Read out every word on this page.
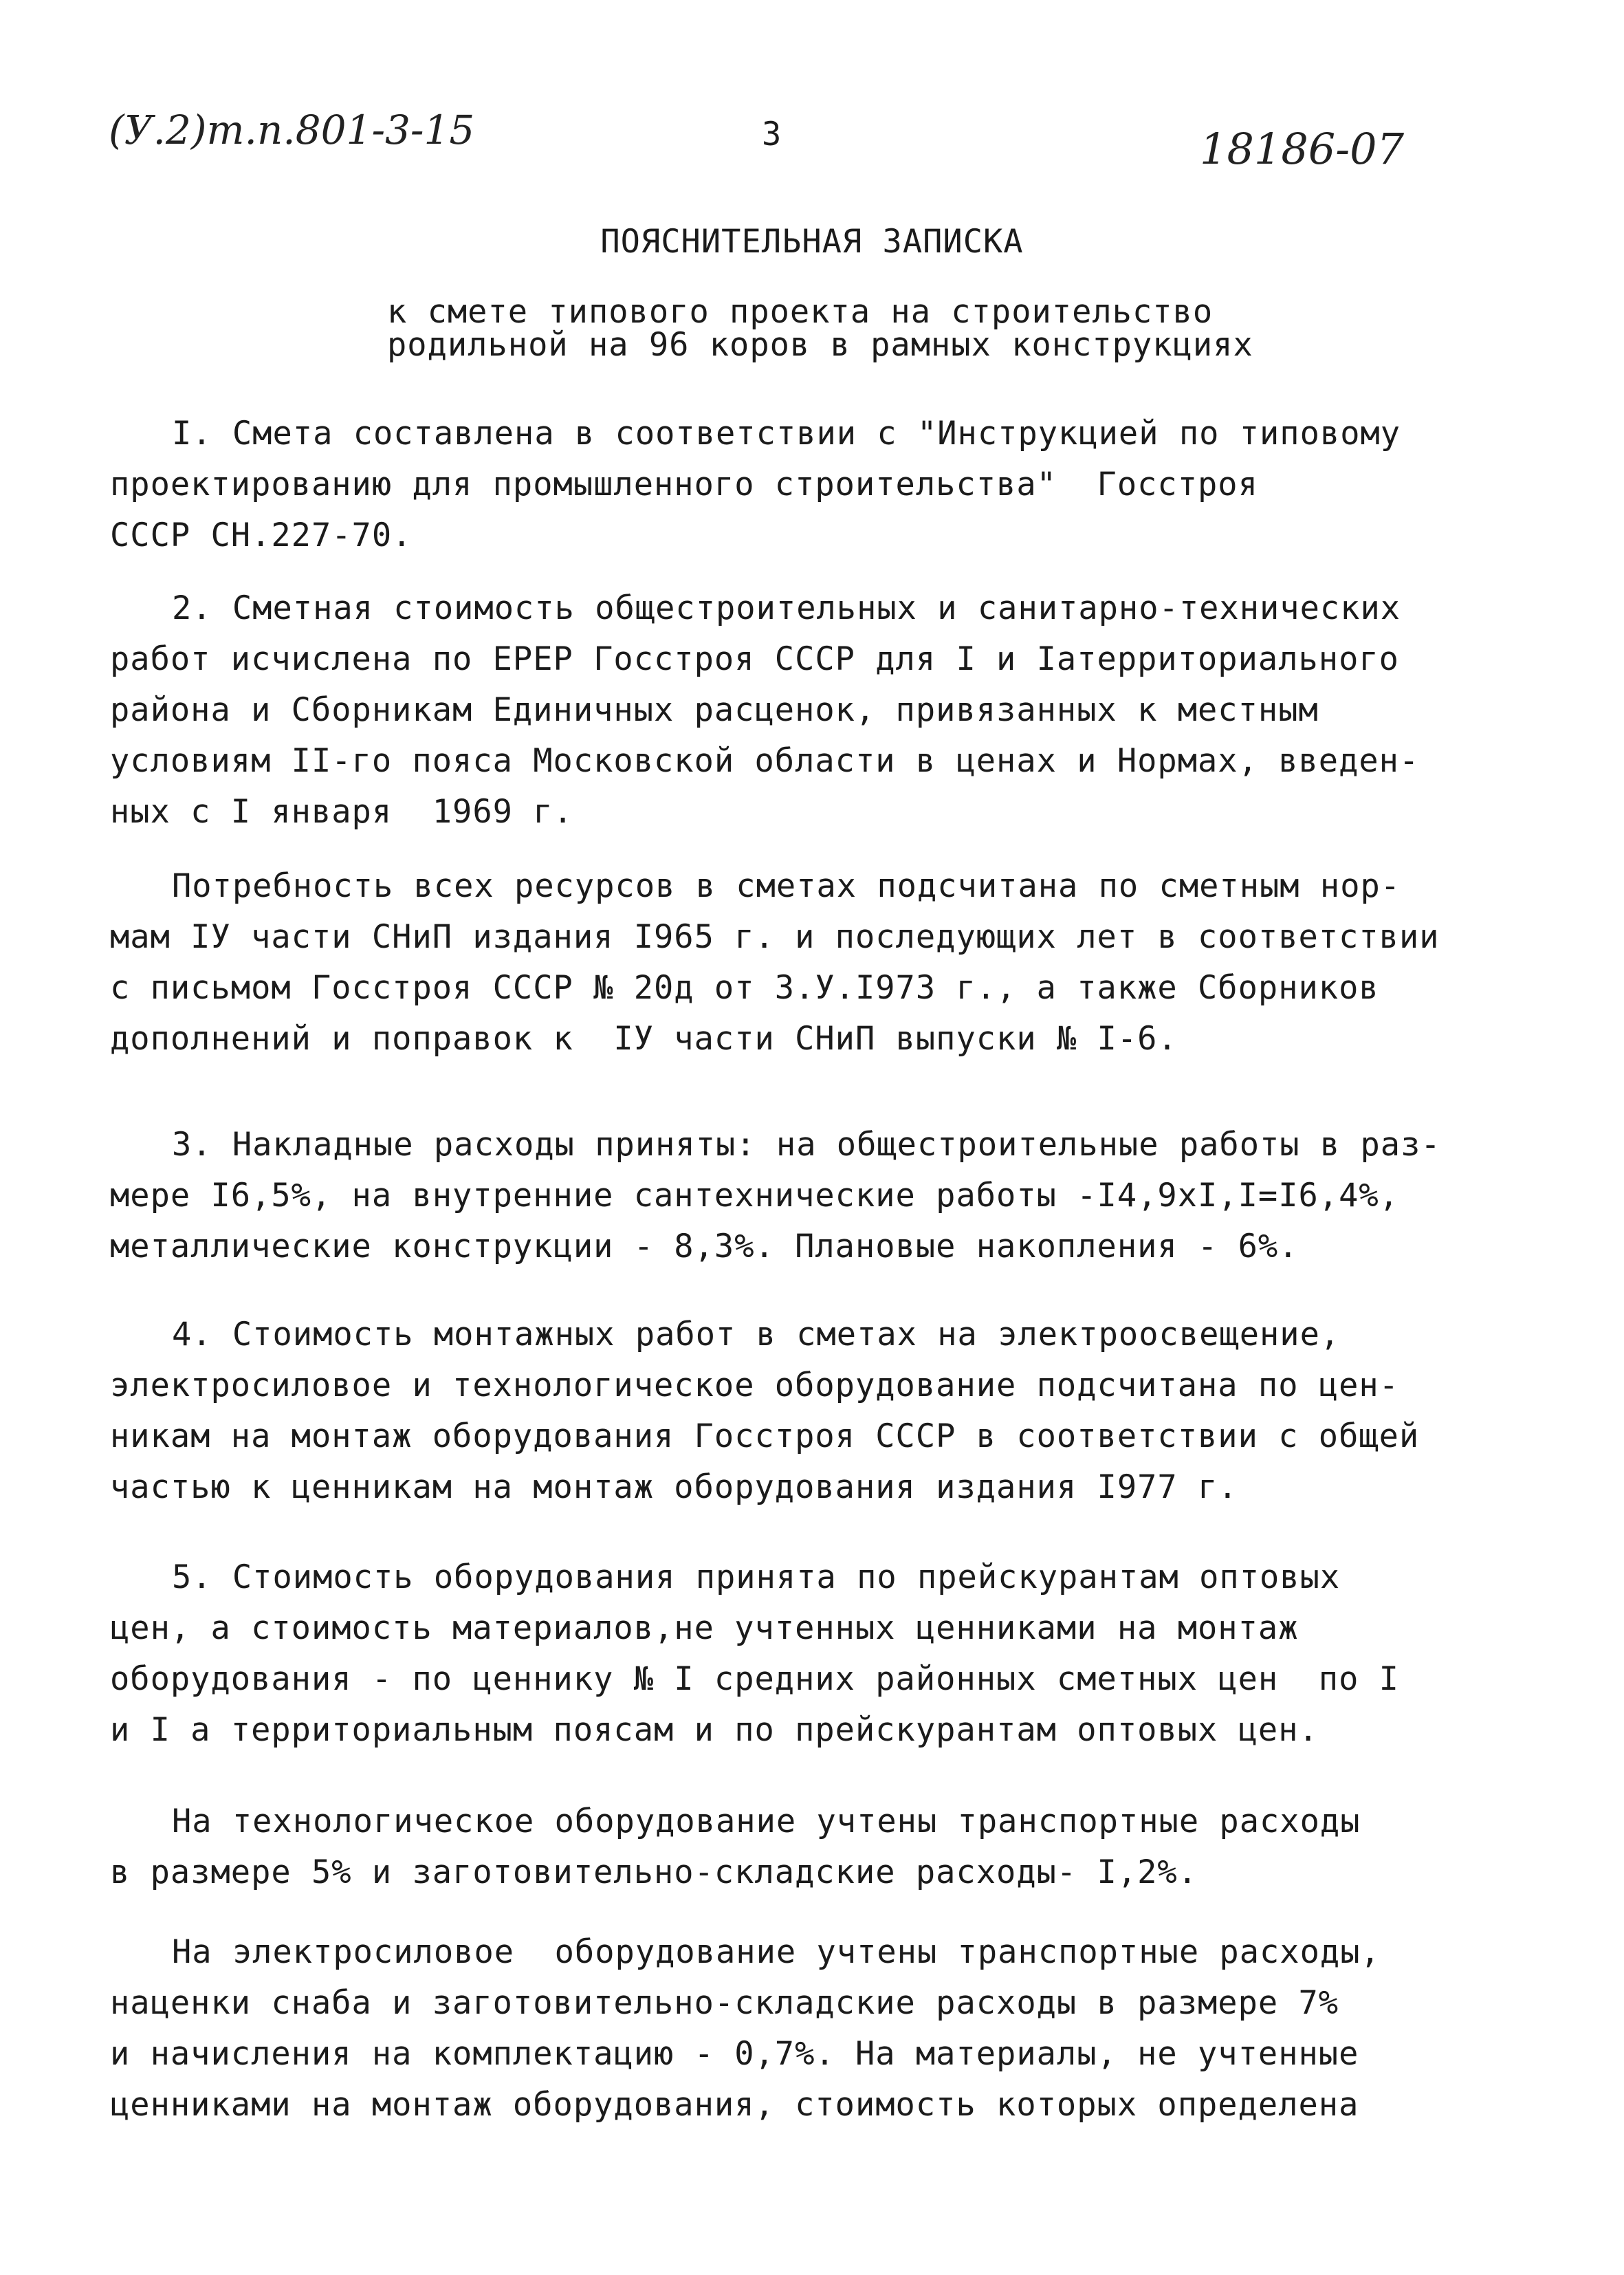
(У.2)т.п.801-3-15	3	18186-07
ПОЯСНИТЕЛЬНАЯ ЗАПИСКА
к смете типового проекта на строительство
родильной на 96 коров в рамных конструкциях
I. Смета составлена в соответствии с "Инструкцией по типовому
проектированию для промышленного строительства"  Госстроя
СССР СН.227-70.
2. Сметная стоимость общестроительных и санитарно-технических
работ исчислена по ЕРЕР Госстроя СССР для I и Iатерриториального
района и Сборникам Единичных расценок, привязанных к местным
условиям II-го пояса Московской области в ценах и Нормах, введен-
ных с I января  1969 г.
Потребность всех ресурсов в сметах подсчитана по сметным нор-
мам IУ части СНиП издания I965 г. и последующих лет в соответствии
с письмом Госстроя СССР № 20д от 3.У.I973 г., а также Сборников
дополнений и поправок к  IУ части СНиП выпуски № I-6.
3. Накладные расходы приняты: на общестроительные работы в раз-
мере I6,5%, на внутренние сантехнические работы -I4,9хI,I=I6,4%,
металлические конструкции - 8,3%. Плановые накопления - 6%.
4. Стоимость монтажных работ в сметах на электроосвещение,
электросиловое и технологическое оборудование подсчитана по цен-
никам на монтаж оборудования Госстроя СССР в соответствии с общей
частью к ценникам на монтаж оборудования издания I977 г.
5. Стоимость оборудования принята по прейскурантам оптовых
цен, а стоимость материалов,не учтенных ценниками на монтаж
оборудования - по ценнику № I средних районных сметных цен  по I
и I а территориальным поясам и по прейскурантам оптовых цен.
На технологическое оборудование учтены транспортные расходы
в размере 5% и заготовительно-складские расходы- I,2%.
На электросиловое  оборудование учтены транспортные расходы,
наценки снаба и заготовительно-складские расходы в размере 7%
и начисления на комплектацию - 0,7%. На материалы, не учтенные
ценниками на монтаж оборудования, стоимость которых определена
